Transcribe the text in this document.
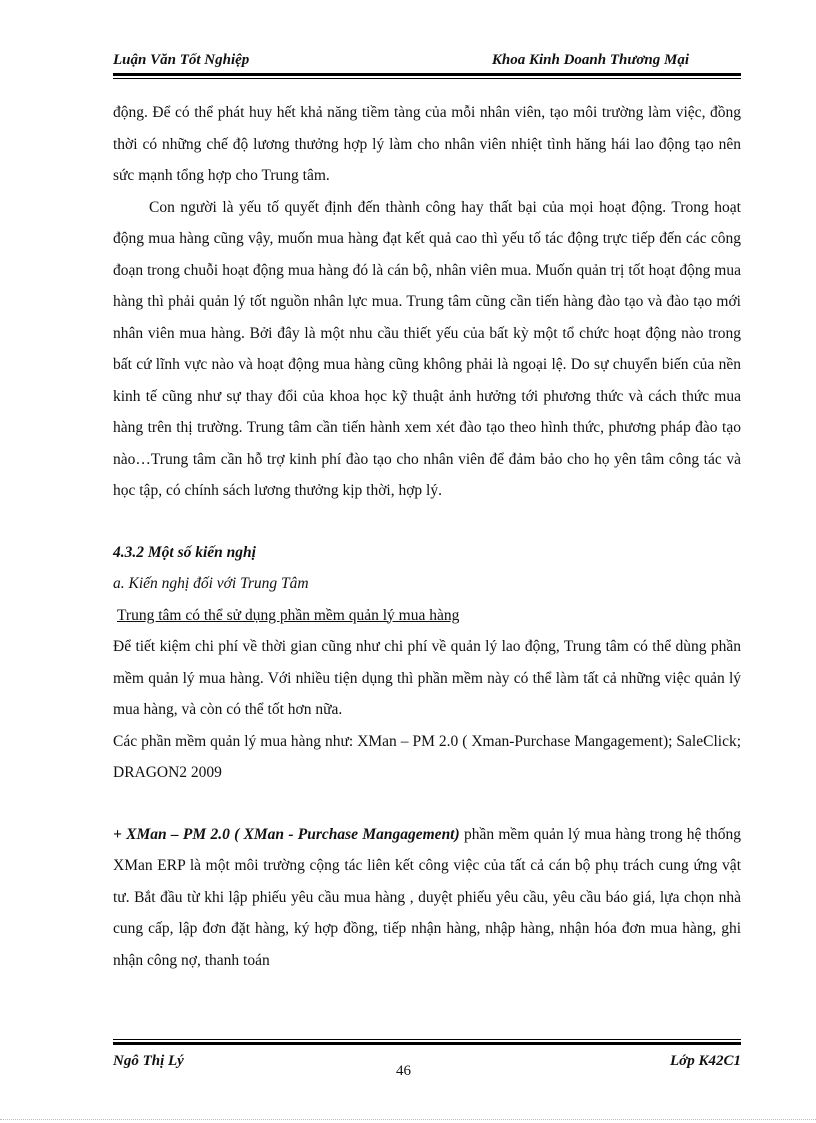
Luận Văn Tốt Nghiệp	Khoa Kinh Doanh Thương Mại

động. Để có thể phát huy hết khả năng tiềm tàng của mỗi nhân viên, tạo môi trường làm việc, đồng thời có những chế độ lương thưởng hợp lý làm cho nhân viên nhiệt tình hăng hái lao động tạo nên sức mạnh tổng hợp cho Trung tâm.

Con người là yếu tố quyết định đến thành công hay thất bại của mọi hoạt động. Trong hoạt động mua hàng cũng vậy, muốn mua hàng đạt kết quả cao thì yếu tố tác động trực tiếp đến các công đoạn trong chuỗi hoạt động mua hàng đó là cán bộ, nhân viên mua. Muốn quản trị tốt hoạt động mua hàng thì phải quản lý tốt nguồn nhân lực mua. Trung tâm cũng cần tiến hàng đào tạo và đào tạo mới nhân viên mua hàng. Bởi đây là một nhu cầu thiết yếu của bất kỳ một tổ chức hoạt động nào trong bất cứ lĩnh vực nào và hoạt động mua hàng cũng không phải là ngoại lệ. Do sự chuyển biến của nền kinh tế cũng như sự thay đổi của khoa học kỹ thuật ảnh hưởng tới phương thức và cách thức mua hàng trên thị trường. Trung tâm cần tiến hành xem xét đào tạo theo hình thức, phương pháp đào tạo nào…Trung tâm cần hỗ trợ kinh phí đào tạo cho nhân viên để đảm bảo cho họ yên tâm công tác và học tập, có chính sách lương thưởng kịp thời, hợp lý.

4.3.2 Một số kiến nghị

a. Kiến nghị đối với Trung Tâm

Trung tâm có thể sử dụng phần mềm quản lý mua hàng

Để tiết kiệm chi phí về thời gian cũng như chi phí về quản lý lao động, Trung tâm có thể dùng phần mềm quản lý mua hàng. Với nhiều tiện dụng thì phần mềm này có thể làm tất cả những việc quản lý mua hàng, và còn có thể tốt hơn nữa.

Các phần mềm quản lý mua hàng như: XMan – PM 2.0 ( Xman-Purchase Mangagement); SaleClick; DRAGON2 2009

+ XMan – PM 2.0 ( XMan - Purchase Mangagement) phần mềm quản lý mua hàng trong hệ thống XMan ERP là một môi trường cộng tác liên kết công việc của tất cả cán bộ phụ trách cung ứng vật tư. Bắt đầu từ khi lập phiếu yêu cầu mua hàng , duyệt phiếu yêu cầu, yêu cầu báo giá, lựa chọn nhà cung cấp, lập đơn đặt hàng, ký hợp đồng, tiếp nhận hàng, nhập hàng, nhận hóa đơn mua hàng, ghi nhận công nợ, thanh toán

Ngô Thị Lý
46
Lớp K42C1
